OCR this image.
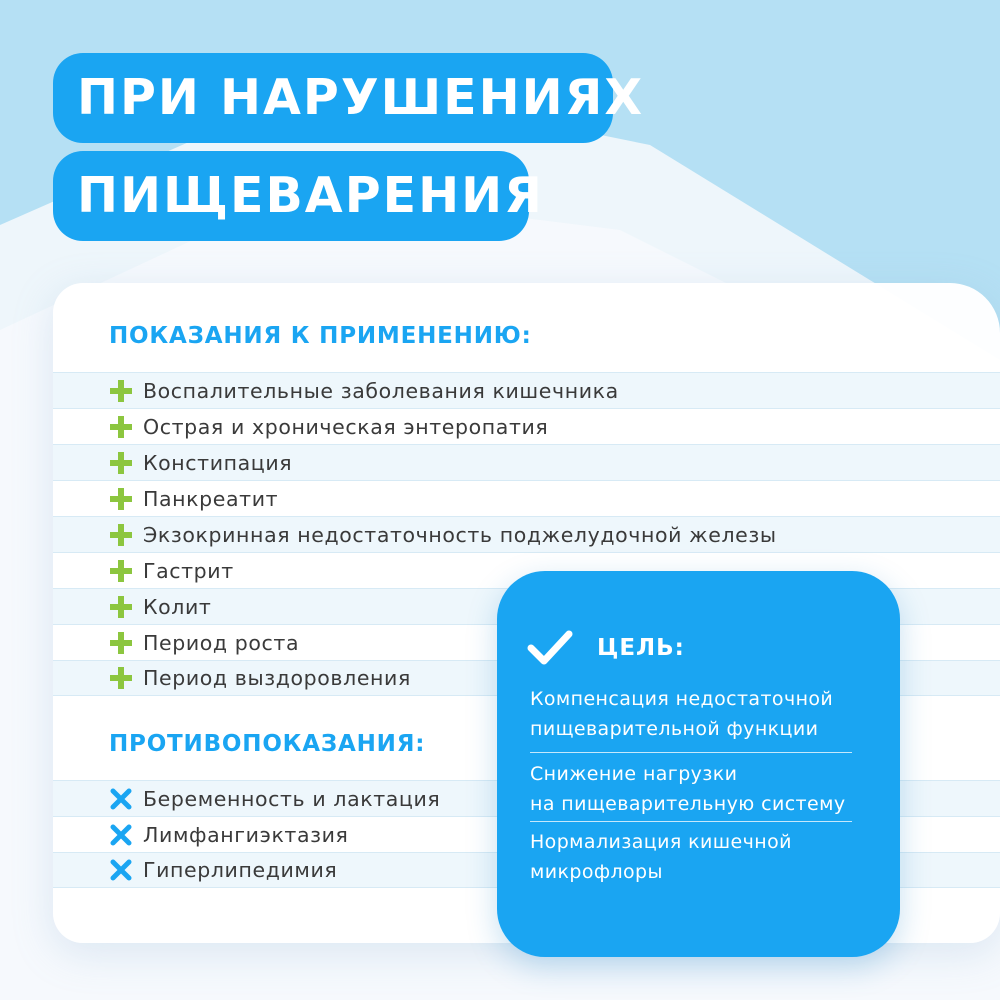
ПРИ НАРУШЕНИЯХ
ПИЩЕВАРЕНИЯ
ПОКАЗАНИЯ К ПРИМЕНЕНИЮ:
Воспалительные заболевания кишечника
Острая и хроническая энтеропатия
Констипация
Панкреатит
Экзокринная недостаточность поджелудочной железы
Гастрит
Колит
Период роста
Период выздоровления
ПРОТИВОПОКАЗАНИЯ:
Беременность и лактация
Лимфангиэктазия
Гиперлипедимия
ЦЕЛЬ:
Компенсация недостаточной
пищеварительной функции
Снижение нагрузки
на пищеварительную систему
Нормализация кишечной
микрофлоры
